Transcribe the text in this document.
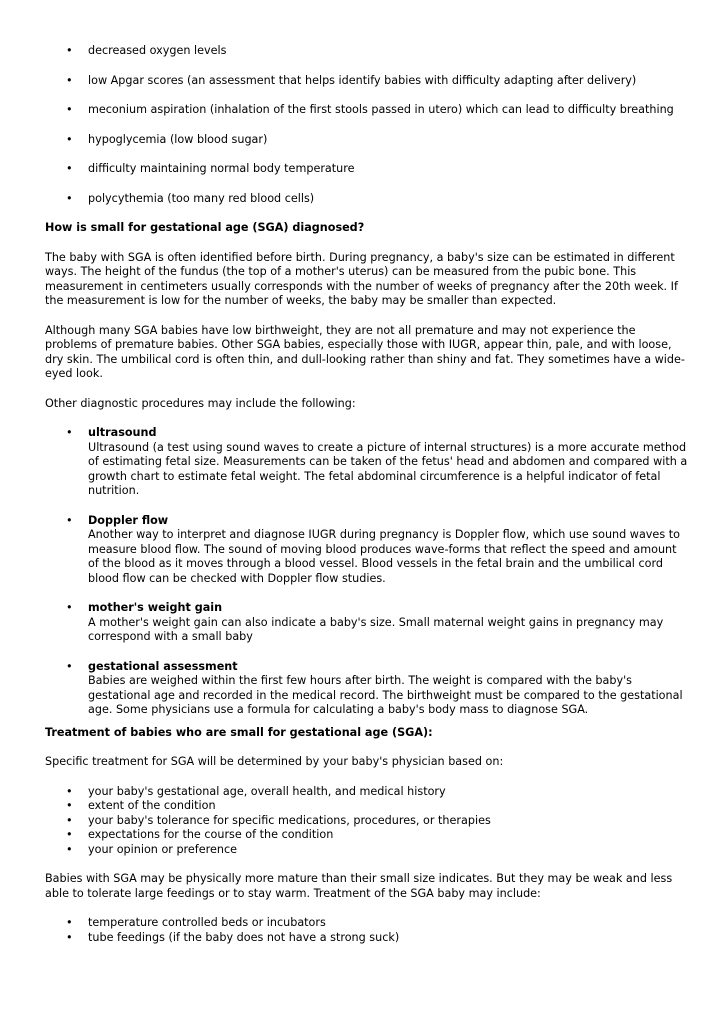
• decreased oxygen levels
• low Apgar scores (an assessment that helps identify babies with difficulty adapting after delivery)
• meconium aspiration (inhalation of the first stools passed in utero) which can lead to difficulty breathing
• hypoglycemia (low blood sugar)
• difficulty maintaining normal body temperature
• polycythemia (too many red blood cells)
How is small for gestational age (SGA) diagnosed?

The baby with SGA is often identified before birth. During pregnancy, a baby's size can be estimated in different ways. The height of the fundus (the top of a mother's uterus) can be measured from the pubic bone. This measurement in centimeters usually corresponds with the number of weeks of pregnancy after the 20th week. If the measurement is low for the number of weeks, the baby may be smaller than expected.

Although many SGA babies have low birthweight, they are not all premature and may not experience the problems of premature babies. Other SGA babies, especially those with IUGR, appear thin, pale, and with loose, dry skin. The umbilical cord is often thin, and dull-looking rather than shiny and fat. They sometimes have a wide-eyed look.

Other diagnostic procedures may include the following:

• ultrasound
Ultrasound (a test using sound waves to create a picture of internal structures) is a more accurate method of estimating fetal size. Measurements can be taken of the fetus' head and abdomen and compared with a growth chart to estimate fetal weight. The fetal abdominal circumference is a helpful indicator of fetal nutrition.
• Doppler flow
Another way to interpret and diagnose IUGR during pregnancy is Doppler flow, which use sound waves to measure blood flow. The sound of moving blood produces wave-forms that reflect the speed and amount of the blood as it moves through a blood vessel. Blood vessels in the fetal brain and the umbilical cord blood flow can be checked with Doppler flow studies.
• mother's weight gain
A mother's weight gain can also indicate a baby's size. Small maternal weight gains in pregnancy may correspond with a small baby
• gestational assessment
Babies are weighed within the first few hours after birth. The weight is compared with the baby's gestational age and recorded in the medical record. The birthweight must be compared to the gestational age. Some physicians use a formula for calculating a baby's body mass to diagnose SGA.
Treatment of babies who are small for gestational age (SGA):

Specific treatment for SGA will be determined by your baby's physician based on:

• your baby's gestational age, overall health, and medical history
• extent of the condition
• your baby's tolerance for specific medications, procedures, or therapies
• expectations for the course of the condition
• your opinion or preference

Babies with SGA may be physically more mature than their small size indicates. But they may be weak and less able to tolerate large feedings or to stay warm. Treatment of the SGA baby may include:

• temperature controlled beds or incubators
• tube feedings (if the baby does not have a strong suck)
